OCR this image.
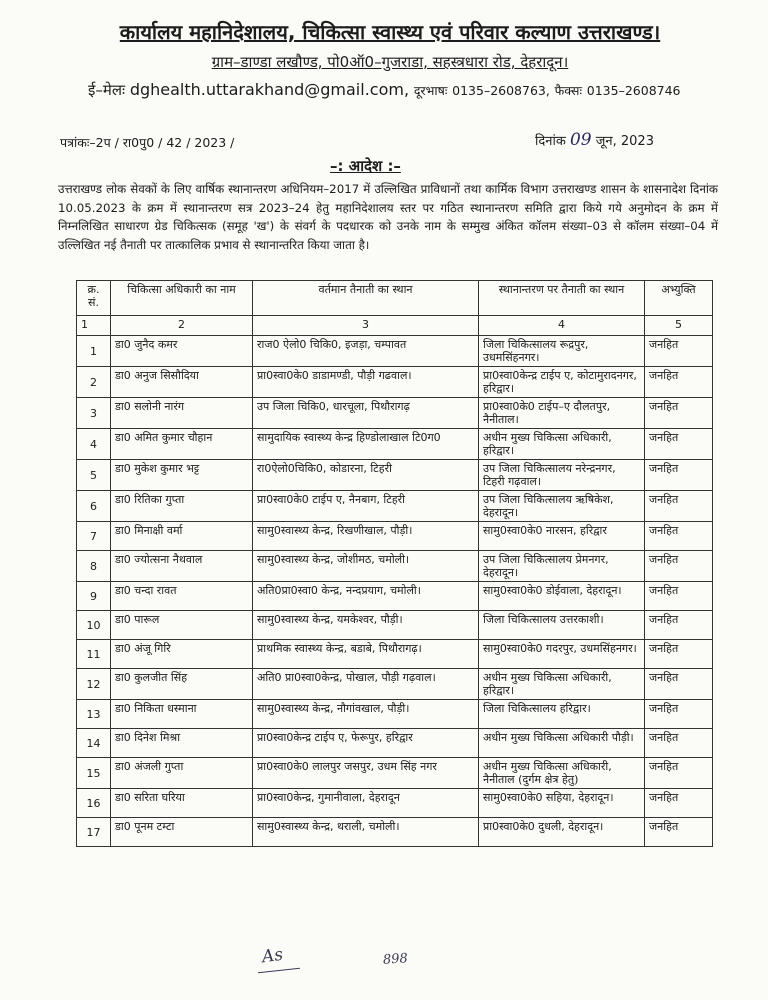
कार्यालय महानिदेशालय, चिकित्सा स्वास्थ्य एवं परिवार कल्याण उत्तराखण्ड।
ग्राम–डाण्डा लखौण्ड, पो0ऑ0–गुजराडा, सहस्त्रधारा रोड, देहरादून।
ई–मेलः dghealth.uttarakhand@gmail.com, दूरभाषः 0135–2608763, फैक्सः 0135–2608746
पत्रांकः–2प / रा0पु0 / 42 / 2023 /	दिनांक 09 जून, 2023
–: आदेश :–
उत्तराखण्ड लोक सेवकों के लिए वार्षिक स्थानान्तरण अधिनियम–2017 में उल्लिखित प्राविधानों तथा कार्मिक विभाग उत्तराखण्ड शासन के शासनादेश दिनांक 10.05.2023 के क्रम में स्थानान्तरण सत्र 2023–24 हेतु महानिदेशालय स्तर पर गठित स्थानान्तरण समिति द्वारा किये गये अनुमोदन के क्रम में निम्नलिखित साधारण ग्रेड चिकित्सक (समूह 'ख') के संवर्ग के पदधारक को उनके नाम के सम्मुख अंकित कॉलम संख्या–03 से कॉलम संख्या–04 में उल्लिखित नई तैनाती पर तात्कालिक प्रभाव से स्थानान्तरित किया जाता है।
क्र. सं.	चिकित्सा अधिकारी का नाम	वर्तमान तैनाती का स्थान	स्थानान्तरण पर तैनाती का स्थान	अभ्युक्ति
1	2	3	4	5
1	डा0 जुनैद कमर	राज0 ऐलो0 चिकि0, इजड़ा, चम्पावत	जिला चिकित्सालय रूद्रपुर, उधमसिंहनगर।	जनहित
2	डा0 अनुज सिसौदिया	प्रा0स्वा0के0 डाडामण्डी, पौड़ी गढवाल।	प्रा0स्वा0केन्द्र टाईप ए, कोटामुरादनगर, हरिद्वार।	जनहित
3	डा0 सलोनी नारंग	उप जिला चिकि0, धारचूला, पिथौरागढ़	प्रा0स्वा0के0 टाईप–ए दौलतपुर, नैनीताल।	जनहित
4	डा0 अमित कुमार चौहान	सामुदायिक स्वास्थ्य केन्द्र हिण्डोलाखाल टि0ग0	अधीन मुख्य चिकित्सा अधिकारी, हरिद्वार।	जनहित
5	डा0 मुकेश कुमार भट्ट	रा0ऐलो0चिकि0, कोडारना, टिहरी	उप जिला चिकित्सालय नरेन्द्रनगर, टिहरी गढ़वाल।	जनहित
6	डा0 रितिका गुप्ता	प्रा0स्वा0के0 टाईप ए, नैनबाग, टिहरी	उप जिला चिकित्सालय ऋषिकेश, देहरादून।	जनहित
7	डा0 मिनाक्षी वर्मा	सामु0स्वास्थ्य केन्द्र, रिखणीखाल, पौड़ी।	सामु0स्वा0के0 नारसन, हरिद्वार	जनहित
8	डा0 ज्योत्सना नैथवाल	सामु0स्वास्थ्य केन्द्र, जोशीमठ, चमोली।	उप जिला चिकित्सालय प्रेमनगर, देहरादून।	जनहित
9	डा0 चन्दा रावत	अति0प्रा0स्वा0 केन्द्र, नन्दप्रयाग, चमोली।	सामु0स्वा0के0 डोईवाला, देहरादून।	जनहित
10	डा0 पारूल	सामु0स्वास्थ्य केन्द्र, यमकेश्वर, पौड़ी।	जिला चिकित्सालय उत्तरकाशी।	जनहित
11	डा0 अंजू गिरि	प्राथमिक स्वास्थ्य केन्द्र, बडाबे, पिथौरागढ़।	सामु0स्वा0के0 गदरपुर, उधमसिंहनगर।	जनहित
12	डा0 कुलजीत सिंह	अति0 प्रा0स्वा0केन्द्र, पोखाल, पौड़ी गढ़वाल।	अधीन मुख्य चिकित्सा अधिकारी, हरिद्वार।	जनहित
13	डा0 निकिता धस्माना	सामु0स्वास्थ्य केन्द्र, नौगांवखाल, पौड़ी।	जिला चिकित्सालय हरिद्वार।	जनहित
14	डा0 दिनेश मिश्रा	प्रा0स्वा0केन्द्र टाईप ए, फेरूपुर, हरिद्वार	अधीन मुख्य चिकित्सा अधिकारी पौड़ी।	जनहित
15	डा0 अंजली गुप्ता	प्रा0स्वा0के0 लालपुर जसपुर, उधम सिंह नगर	अधीन मुख्य चिकित्सा अधिकारी, नैनीताल (दुर्गम क्षेत्र हेतु)	जनहित
16	डा0 सरिता घरिया	प्रा0स्वा0केन्द्र, गुमानीवाला, देहरादून	सामु0स्वा0के0 सहिया, देहरादून।	जनहित
17	डा0 पूनम टम्टा	सामु0स्वास्थ्य केन्द्र, थराली, चमोली।	प्रा0स्वा0के0 दुधली, देहरादून।	जनहित
As	898
